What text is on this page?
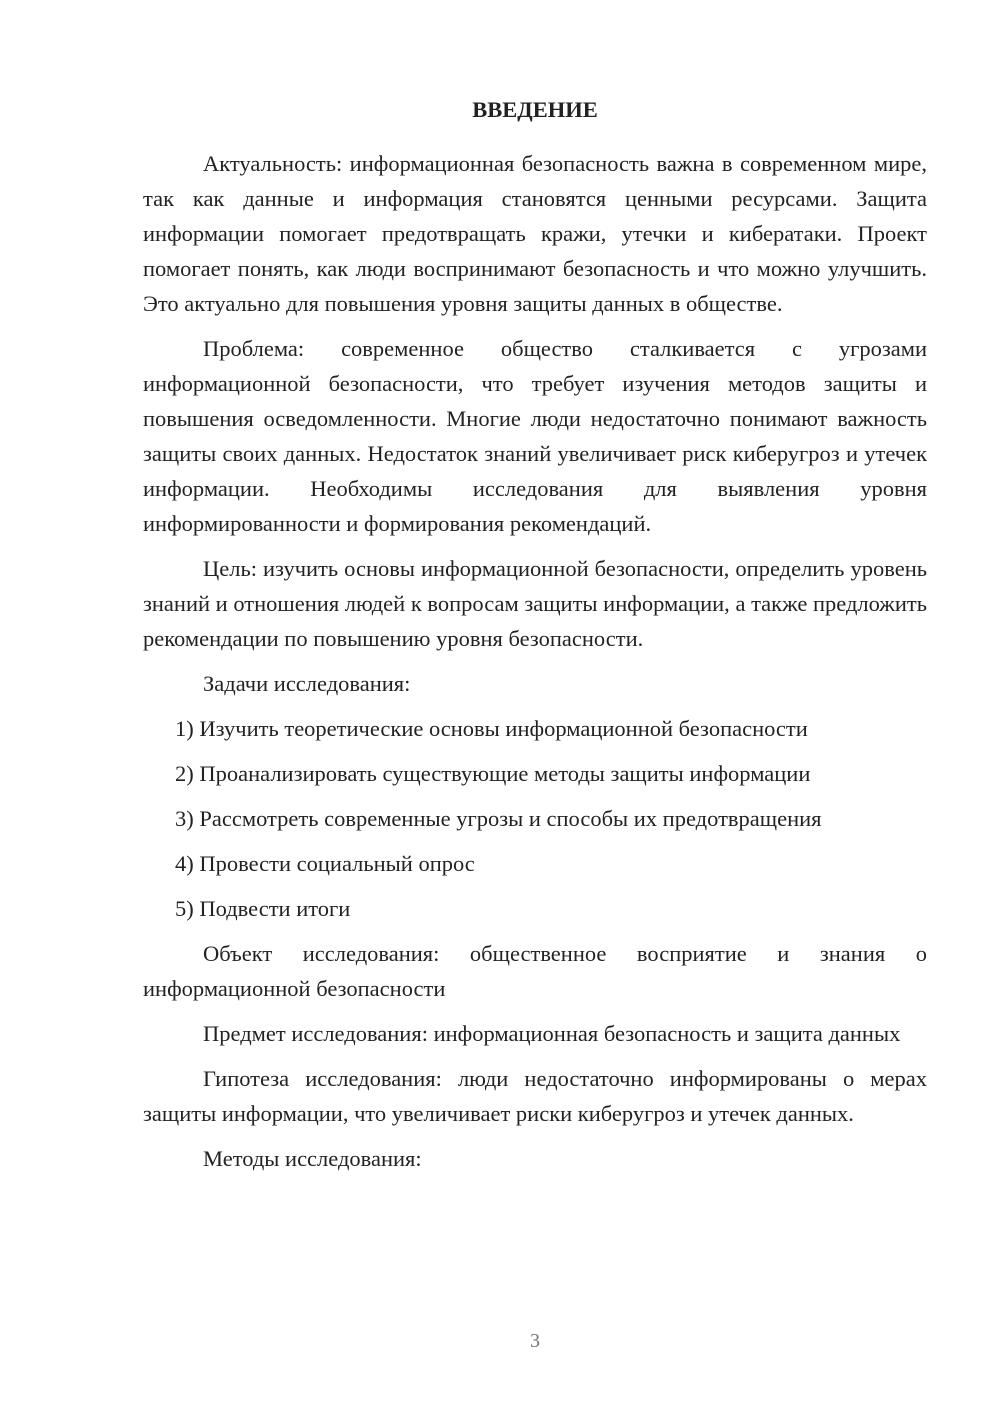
ВВЕДЕНИЕ

Актуальность: информационная безопасность важна в современном мире, так как данные и информация становятся ценными ресурсами. Защита информации помогает предотвращать кражи, утечки и кибератаки. Проект помогает понять, как люди воспринимают безопасность и что можно улучшить. Это актуально для повышения уровня защиты данных в обществе.

Проблема: современное общество сталкивается с угрозами информационной безопасности, что требует изучения методов защиты и повышения осведомленности. Многие люди недостаточно понимают важность защиты своих данных. Недостаток знаний увеличивает риск киберугроз и утечек информации. Необходимы исследования для выявления уровня информированности и формирования рекомендаций.

Цель: изучить основы информационной безопасности, определить уровень знаний и отношения людей к вопросам защиты информации, а также предложить рекомендации по повышению уровня безопасности.

Задачи исследования:

1) Изучить теоретические основы информационной безопасности
2) Проанализировать существующие методы защиты информации
3) Рассмотреть современные угрозы и способы их предотвращения
4) Провести социальный опрос
5) Подвести итоги

Объект исследования: общественное восприятие и знания о информационной безопасности

Предмет исследования: информационная безопасность и защита данных

Гипотеза исследования: люди недостаточно информированы о мерах защиты информации, что увеличивает риски киберугроз и утечек данных.

Методы исследования:

3
